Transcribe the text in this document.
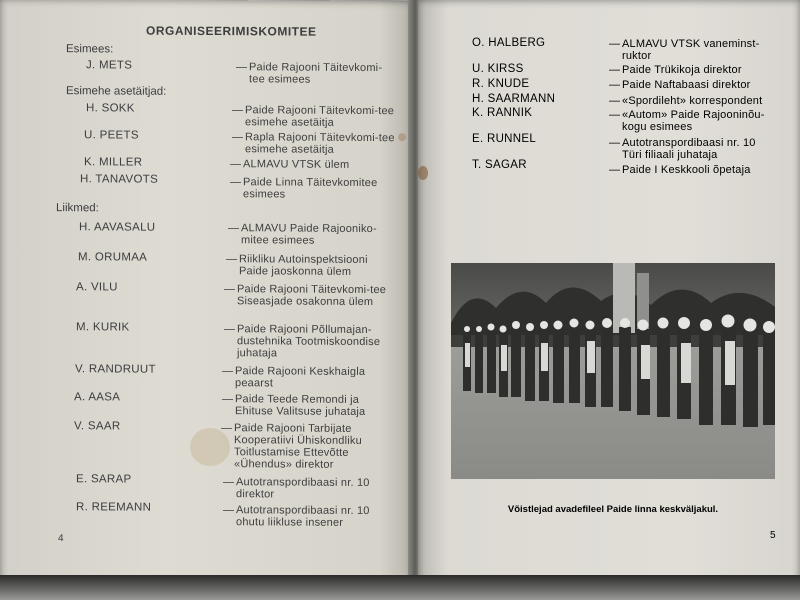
ORGANISEERIMISKOMITEE
Esimees:
Esimehe asetäitjad:
Liikmed:
J. METS	— Paide Rajooni Täitevkomi-tee esimees
H. SOKK	— Paide Rajooni Täitevkomi-tee esimehe asetäitja
U. PEETS	— Rapla Rajooni Täitevkomi-tee esimehe asetäitja
K. MILLER	— ALMAVU VTSK ülem
H. TANAVOTS	— Paide Linna Täitevkomitee esimees
H. AAVASALU	— ALMAVU Paide Rajooniko-mitee esimees
M. ORUMAA	— Riikliku Autoinspektsiooni Paide jaoskonna ülem
A. VILU	— Paide Rajooni Täitevkomi-tee Siseasjade osakonna ülem
M. KURIK	— Paide Rajooni Põllumajan-dustehnika Tootmiskoondise juhataja
V. RANDRUUT	— Paide Rajooni Keskhaigla peaarst
A. AASA	— Paide Teede Remondi ja Ehituse Valitsuse juhataja
V. SAAR	— Paide Rajooni Tarbijate Kooperatiivi Ühiskondliku Toitlustamise Ettevõtte «Ühendus» direktor
E. SARAP	— Autotranspordibaasi nr. 10 direktor
R. REEMANN	— Autotranspordibaasi nr. 10 ohutu liikluse insener
4
O. HALBERG	— ALMAVU VTSK vaneminst-ruktor
U. KIRSS	— Paide Trükikoja direktor
R. KNUDE	— Paide Naftabaasi direktor
H. SAARMANN	— «Spordileht» korrespondent
K. RANNIK	— «Autom» Paide Rajooninõu-kogu esimees
E. RUNNEL	— Autotranspordibaasi nr. 10 Türi filiaali juhataja
T. SAGAR	— Paide I Keskkooli õpetaja
Võistlejad avadefileel Paide linna keskväljakul.
5
